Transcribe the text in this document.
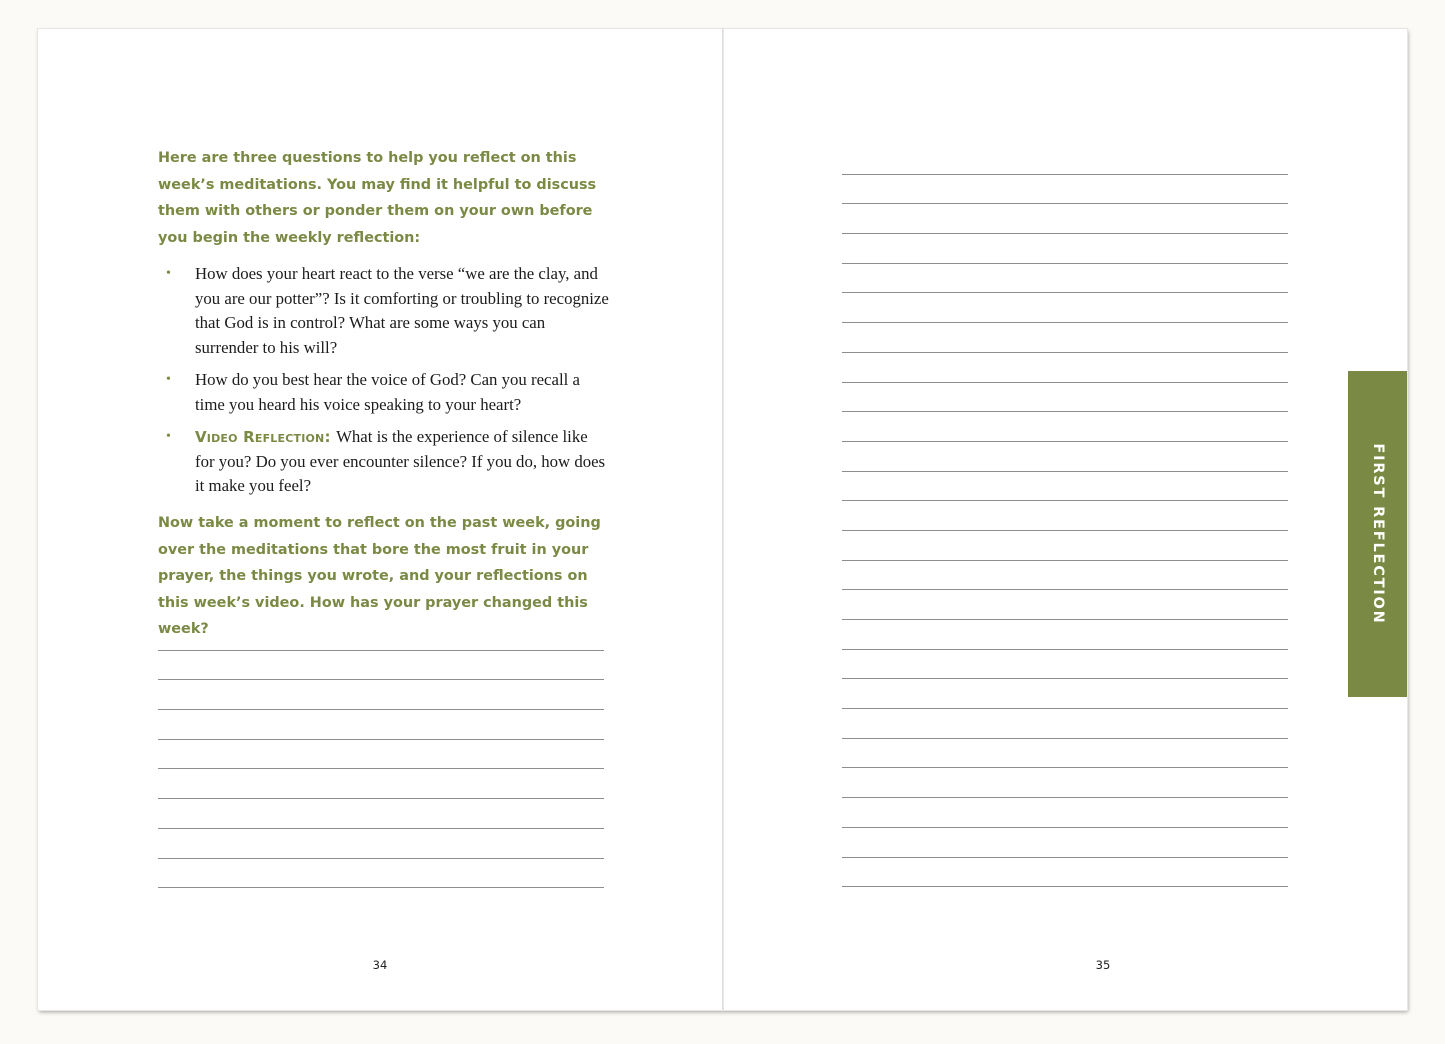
Here are three questions to help you reflect on this week’s meditations. You may find it helpful to discuss them with others or ponder them on your own before you begin the weekly reflection:

• How does your heart react to the verse “we are the clay, and you are our potter”? Is it comforting or troubling to recognize that God is in control? What are some ways you can surrender to his will?
• How do you best hear the voice of God? Can you recall a time you heard his voice speaking to your heart?
• Video Reflection: What is the experience of silence like for you? Do you ever encounter silence? If you do, how does it make you feel?

Now take a moment to reflect on the past week, going over the meditations that bore the most fruit in your prayer, the things you wrote, and your reflections on this week’s video. How has your prayer changed this week?

34	35
FIRST REFLECTION
